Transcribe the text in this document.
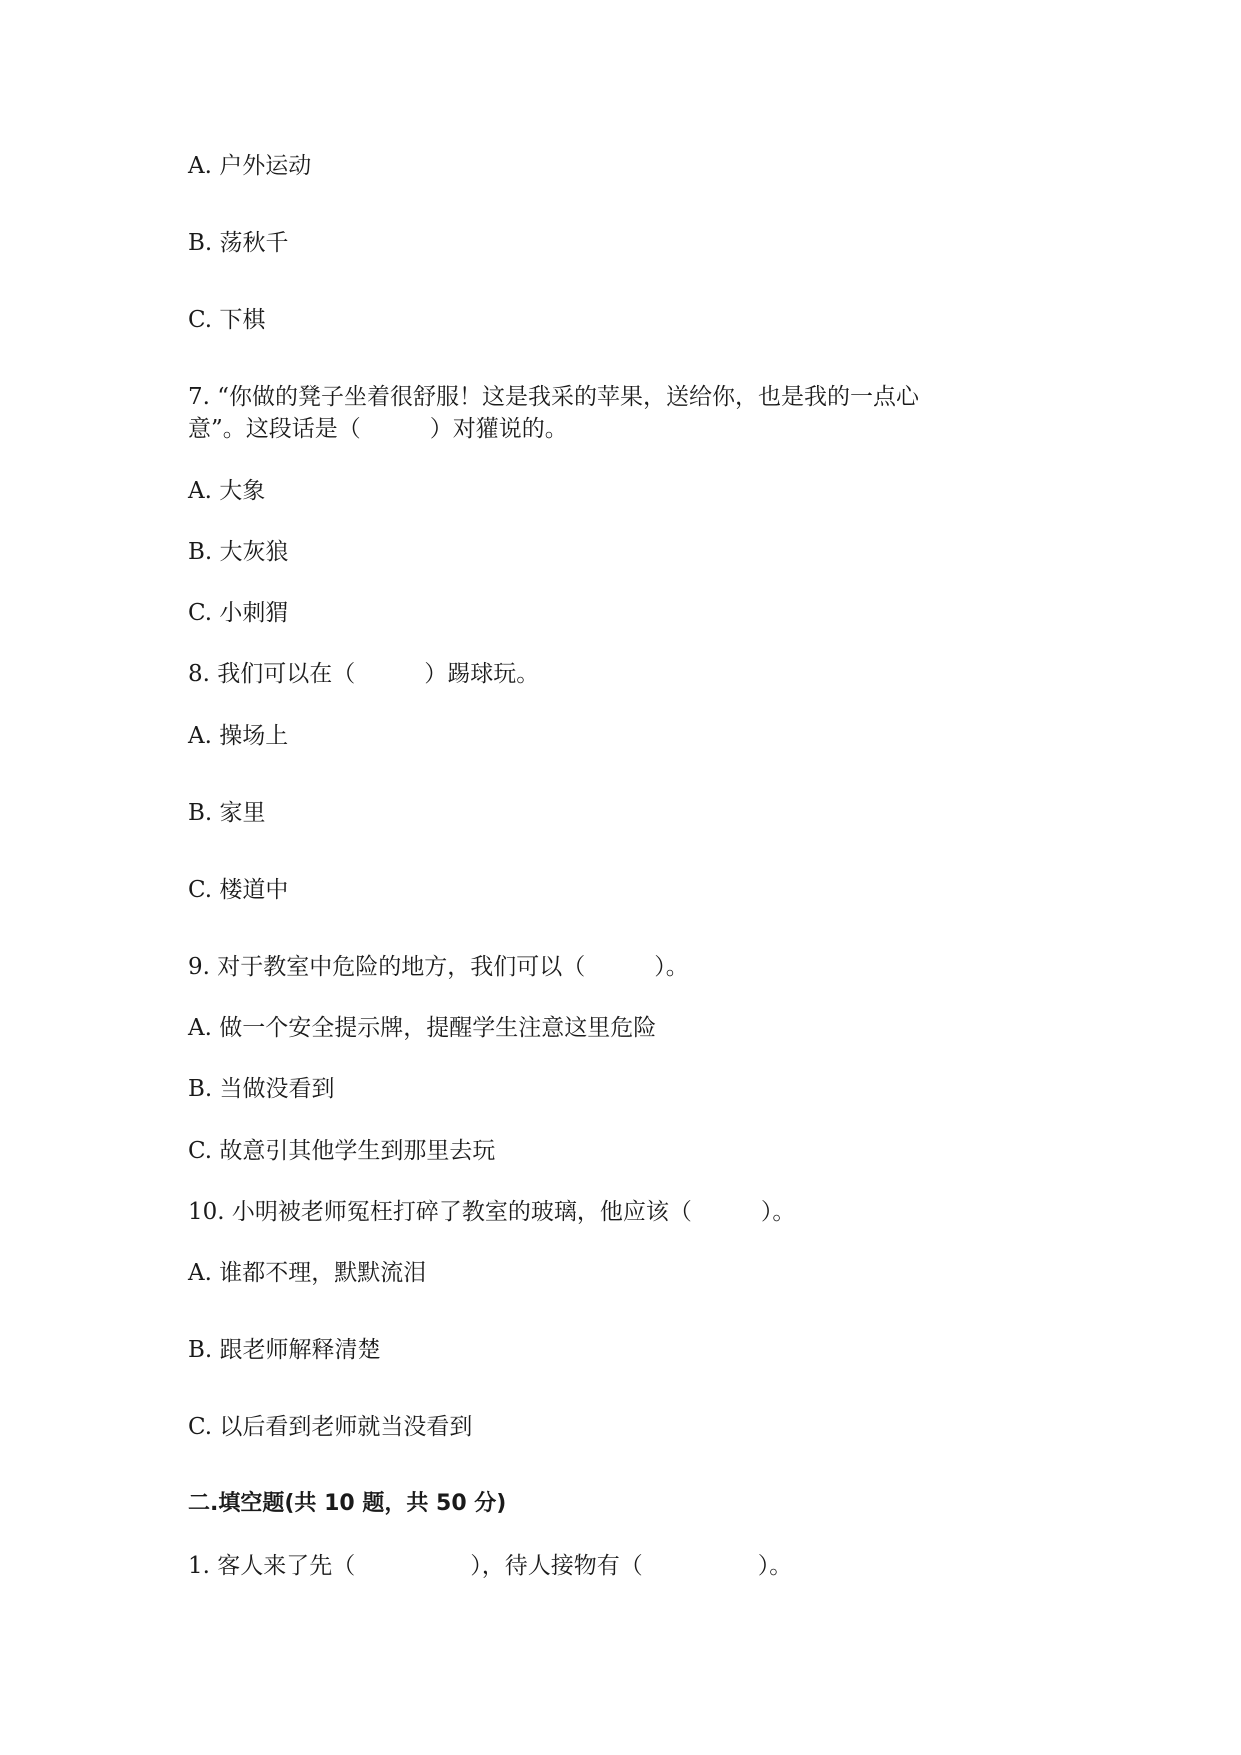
A. 户外运动
B. 荡秋千
C. 下棋
7. “你做的凳子坐着很舒服！这是我采的苹果，送给你，也是我的一点心
意”。这段话是（　　　）对獾说的。
A. 大象
B. 大灰狼
C. 小刺猬
8. 我们可以在（　　　）踢球玩。
A. 操场上
B. 家里
C. 楼道中
9. 对于教室中危险的地方，我们可以（　　　）。
A. 做一个安全提示牌，提醒学生注意这里危险
B. 当做没看到
C. 故意引其他学生到那里去玩
10. 小明被老师冤枉打碎了教室的玻璃，他应该（　　　）。
A. 谁都不理，默默流泪
B. 跟老师解释清楚
C. 以后看到老师就当没看到
二.填空题(共 10 题，共 50 分)
1. 客人来了先（　　　　　），待人接物有（　　　　　）。
